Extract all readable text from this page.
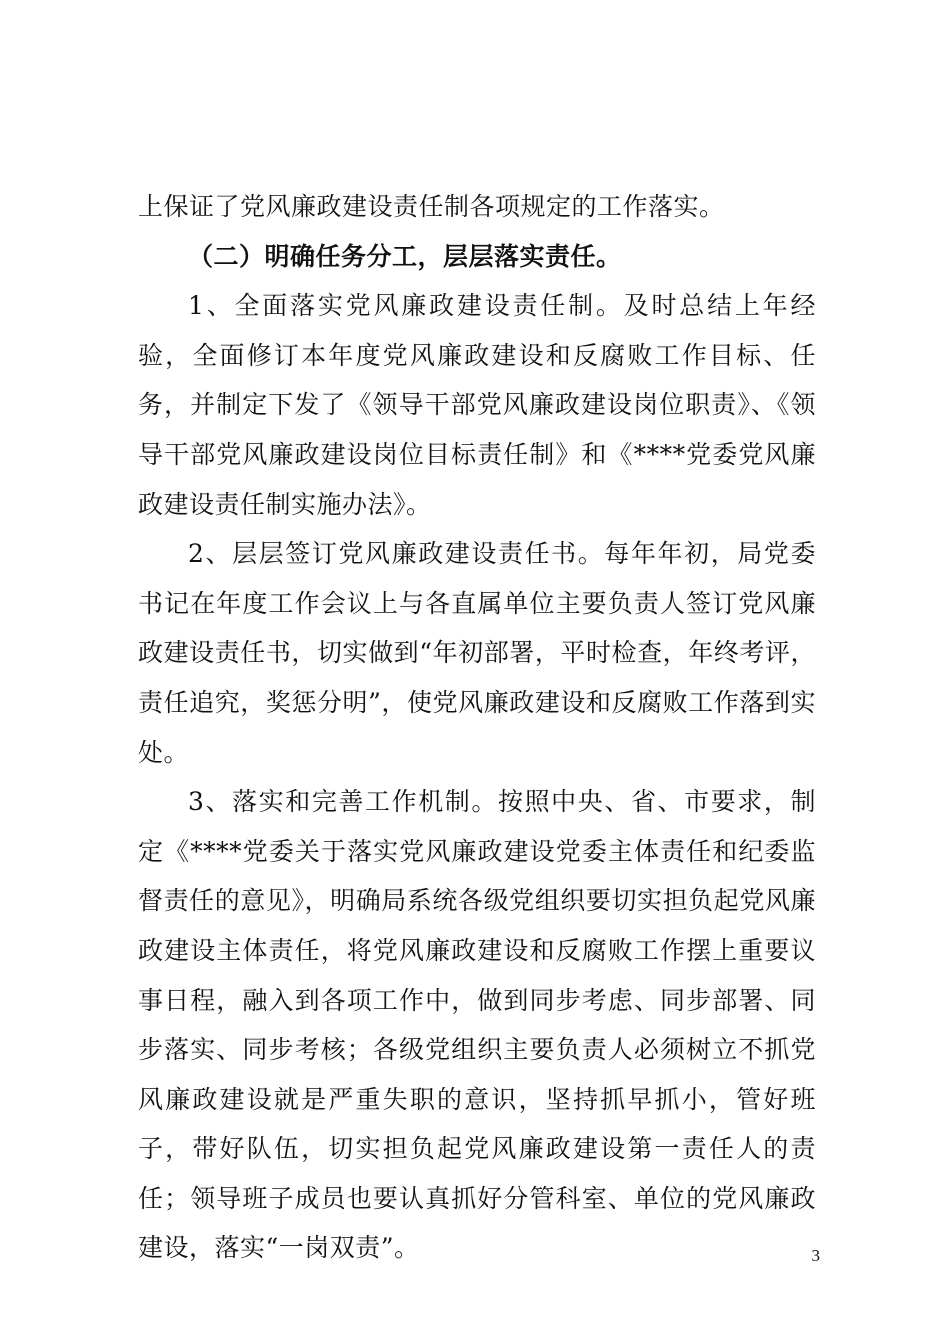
上保证了党风廉政建设责任制各项规定的工作落实。

（二）明确任务分工，层层落实责任。

1、全面落实党风廉政建设责任制。及时总结上年经验，全面修订本年度党风廉政建设和反腐败工作目标、任务，并制定下发了《领导干部党风廉政建设岗位职责》、《领导干部党风廉政建设岗位目标责任制》和《****党委党风廉政建设责任制实施办法》。

2、层层签订党风廉政建设责任书。每年年初，局党委书记在年度工作会议上与各直属单位主要负责人签订党风廉政建设责任书，切实做到“年初部署，平时检查，年终考评，责任追究，奖惩分明”，使党风廉政建设和反腐败工作落到实处。

3、落实和完善工作机制。按照中央、省、市要求，制定《****党委关于落实党风廉政建设党委主体责任和纪委监督责任的意见》，明确局系统各级党组织要切实担负起党风廉政建设主体责任，将党风廉政建设和反腐败工作摆上重要议事日程，融入到各项工作中，做到同步考虑、同步部署、同步落实、同步考核；各级党组织主要负责人必须树立不抓党风廉政建设就是严重失职的意识，坚持抓早抓小，管好班子，带好队伍，切实担负起党风廉政建设第一责任人的责任；领导班子成员也要认真抓好分管科室、单位的党风廉政建设，落实“一岗双责”。	3
